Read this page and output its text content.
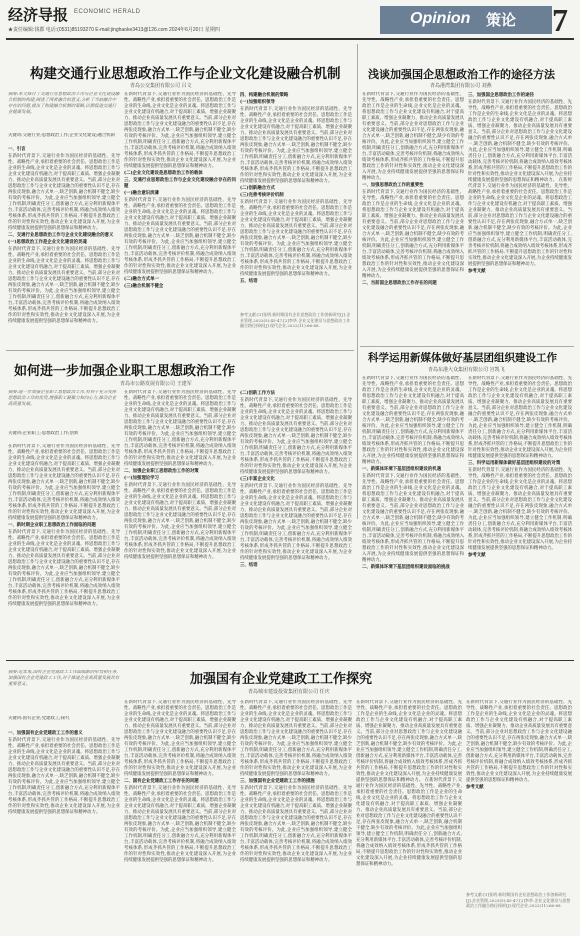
经济导报 ECONOMIC HERALD
★责任编辑:钱郡 电话:(0531)85193270 E-mail:jinghaoke3413@126.com 2024年6月20日 星期四
Opinion 策论 7
构建交通行业思想政治工作与企业文化建设融合机制
青岛公交集团有限公司 吕文
摘要:本文探讨了交通行业思想政治工作与企业文化建设融合机制的构建,阐述了两者融合的意义,分析了当前融合中存在的问题,提出了构建融合机制的策略,以期促进交通行业健康发展。
关键词:交通行业;思想政治工作;企业文化建设;融合机制
一、引言
在新时代背景下,交通行业作为国民经济的基础性、先导性、战略性产业,承担着重要的社会责任。思想政治工作是企业的生命线,企业文化是企业的灵魂。将思想政治工作与企业文化建设有机融合,对于提高职工素质、增强企业凝聚力、推动企业高质量发展具有重要意义。当前,部分企业对思想政治工作与企业文化建设融合的重要性认识不足,存在两张皮现象,融合方式单一,缺乏创新,融合机制不健全,缺少有效的考核评价。为此,企业应当加强组织领导,建立健全工作机制,明确责任分工,创新融合方式,充分利用新媒体平台,丰富活动载体,完善考核评价机制,将融合成效纳入绩效考核体系,形成齐抓共管的工作格局,不断提升思想政治工作的针对性和实效性,推动企业文化建设深入开展,为企业持续健康发展提供坚强的思想保证和精神动力。
二、交通行业思想政治工作与企业文化建设融合的意义
(一)思想政治工作是企业文化建设的灵魂
在新时代背景下,交通行业作为国民经济的基础性、先导性、战略性产业,承担着重要的社会责任。思想政治工作是企业的生命线,企业文化是企业的灵魂。将思想政治工作与企业文化建设有机融合,对于提高职工素质、增强企业凝聚力、推动企业高质量发展具有重要意义。当前,部分企业对思想政治工作与企业文化建设融合的重要性认识不足,存在两张皮现象,融合方式单一,缺乏创新,融合机制不健全,缺少有效的考核评价。为此,企业应当加强组织领导,建立健全工作机制,明确责任分工,创新融合方式,充分利用新媒体平台,丰富活动载体,完善考核评价机制,将融合成效纳入绩效考核体系,形成齐抓共管的工作格局,不断提升思想政治工作的针对性和实效性,推动企业文化建设深入开展,为企业持续健康发展提供坚强的思想保证和精神动力。
在新时代背景下,交通行业作为国民经济的基础性、先导性、战略性产业,承担着重要的社会责任。思想政治工作是企业的生命线,企业文化是企业的灵魂。将思想政治工作与企业文化建设有机融合,对于提高职工素质、增强企业凝聚力、推动企业高质量发展具有重要意义。当前,部分企业对思想政治工作与企业文化建设融合的重要性认识不足,存在两张皮现象,融合方式单一,缺乏创新,融合机制不健全,缺少有效的考核评价。为此,企业应当加强组织领导,建立健全工作机制,明确责任分工,创新融合方式,充分利用新媒体平台,丰富活动载体,完善考核评价机制,将融合成效纳入绩效考核体系,形成齐抓共管的工作格局,不断提升思想政治工作的针对性和实效性,推动企业文化建设深入开展,为企业持续健康发展提供坚强的思想保证和精神动力。
(二)企业文化建设是思想政治工作的载体
三、交通行业思想政治工作与企业文化建设融合存在的问题
(一)融合意识淡薄
在新时代背景下,交通行业作为国民经济的基础性、先导性、战略性产业,承担着重要的社会责任。思想政治工作是企业的生命线,企业文化是企业的灵魂。将思想政治工作与企业文化建设有机融合,对于提高职工素质、增强企业凝聚力、推动企业高质量发展具有重要意义。当前,部分企业对思想政治工作与企业文化建设融合的重要性认识不足,存在两张皮现象,融合方式单一,缺乏创新,融合机制不健全,缺少有效的考核评价。为此,企业应当加强组织领导,建立健全工作机制,明确责任分工,创新融合方式,充分利用新媒体平台,丰富活动载体,完善考核评价机制,将融合成效纳入绩效考核体系,形成齐抓共管的工作格局,不断提升思想政治工作的针对性和实效性,推动企业文化建设深入开展,为企业持续健康发展提供坚强的思想保证和精神动力。
(二)融合方式单一
(三)融合机制不健全
四、构建融合机制的策略
(一)加强组织领导
在新时代背景下,交通行业作为国民经济的基础性、先导性、战略性产业,承担着重要的社会责任。思想政治工作是企业的生命线,企业文化是企业的灵魂。将思想政治工作与企业文化建设有机融合,对于提高职工素质、增强企业凝聚力、推动企业高质量发展具有重要意义。当前,部分企业对思想政治工作与企业文化建设融合的重要性认识不足,存在两张皮现象,融合方式单一,缺乏创新,融合机制不健全,缺少有效的考核评价。为此,企业应当加强组织领导,建立健全工作机制,明确责任分工,创新融合方式,充分利用新媒体平台,丰富活动载体,完善考核评价机制,将融合成效纳入绩效考核体系,形成齐抓共管的工作格局,不断提升思想政治工作的针对性和实效性,推动企业文化建设深入开展,为企业持续健康发展提供坚强的思想保证和精神动力。
(二)创新融合方式
(三)完善考核评价机制
在新时代背景下,交通行业作为国民经济的基础性、先导性、战略性产业,承担着重要的社会责任。思想政治工作是企业的生命线,企业文化是企业的灵魂。将思想政治工作与企业文化建设有机融合,对于提高职工素质、增强企业凝聚力、推动企业高质量发展具有重要意义。当前,部分企业对思想政治工作与企业文化建设融合的重要性认识不足,存在两张皮现象,融合方式单一,缺乏创新,融合机制不健全,缺少有效的考核评价。为此,企业应当加强组织领导,建立健全工作机制,明确责任分工,创新融合方式,充分利用新媒体平台,丰富活动载体,完善考核评价机制,将融合成效纳入绩效考核体系,形成齐抓共管的工作格局,不断提升思想政治工作的针对性和实效性,推动企业文化建设深入开展,为企业持续健康发展提供坚强的思想保证和精神动力。
五、结语
参考文献:[1]张明.新时期国有企业思想政治工作创新研究[J].企业管理,2023(5):45-47.[2]李华.企业文化建设与思想政治工作融合路径探析[J].现代企业,2022(11):66-68.
如何进一步加强企业职工思想政治工作
青岛市公路发展有限公司 王建军
摘要:进一步加强企业职工思想政治工作,有利于充分发挥思想政治工作的优势,增强职工凝聚力和向心力,推动企业高质量发展。
关键词:企业职工;思想政治工作;创新
在新时代背景下,交通行业作为国民经济的基础性、先导性、战略性产业,承担着重要的社会责任。思想政治工作是企业的生命线,企业文化是企业的灵魂。将思想政治工作与企业文化建设有机融合,对于提高职工素质、增强企业凝聚力、推动企业高质量发展具有重要意义。当前,部分企业对思想政治工作与企业文化建设融合的重要性认识不足,存在两张皮现象,融合方式单一,缺乏创新,融合机制不健全,缺少有效的考核评价。为此,企业应当加强组织领导,建立健全工作机制,明确责任分工,创新融合方式,充分利用新媒体平台,丰富活动载体,完善考核评价机制,将融合成效纳入绩效考核体系,形成齐抓共管的工作格局,不断提升思想政治工作的针对性和实效性,推动企业文化建设深入开展,为企业持续健康发展提供坚强的思想保证和精神动力。
一、新时期企业职工思想政治工作面临的问题
在新时代背景下,交通行业作为国民经济的基础性、先导性、战略性产业,承担着重要的社会责任。思想政治工作是企业的生命线,企业文化是企业的灵魂。将思想政治工作与企业文化建设有机融合,对于提高职工素质、增强企业凝聚力、推动企业高质量发展具有重要意义。当前,部分企业对思想政治工作与企业文化建设融合的重要性认识不足,存在两张皮现象,融合方式单一,缺乏创新,融合机制不健全,缺少有效的考核评价。为此,企业应当加强组织领导,建立健全工作机制,明确责任分工,创新融合方式,充分利用新媒体平台,丰富活动载体,完善考核评价机制,将融合成效纳入绩效考核体系,形成齐抓共管的工作格局,不断提升思想政治工作的针对性和实效性,推动企业文化建设深入开展,为企业持续健康发展提供坚强的思想保证和精神动力。
在新时代背景下,交通行业作为国民经济的基础性、先导性、战略性产业,承担着重要的社会责任。思想政治工作是企业的生命线,企业文化是企业的灵魂。将思想政治工作与企业文化建设有机融合,对于提高职工素质、增强企业凝聚力、推动企业高质量发展具有重要意义。当前,部分企业对思想政治工作与企业文化建设融合的重要性认识不足,存在两张皮现象,融合方式单一,缺乏创新,融合机制不健全,缺少有效的考核评价。为此,企业应当加强组织领导,建立健全工作机制,明确责任分工,创新融合方式,充分利用新媒体平台,丰富活动载体,完善考核评价机制,将融合成效纳入绩效考核体系,形成齐抓共管的工作格局,不断提升思想政治工作的针对性和实效性,推动企业文化建设深入开展,为企业持续健康发展提供坚强的思想保证和精神动力。
二、加强企业职工思想政治工作的对策
(一)加强理论学习
在新时代背景下,交通行业作为国民经济的基础性、先导性、战略性产业,承担着重要的社会责任。思想政治工作是企业的生命线,企业文化是企业的灵魂。将思想政治工作与企业文化建设有机融合,对于提高职工素质、增强企业凝聚力、推动企业高质量发展具有重要意义。当前,部分企业对思想政治工作与企业文化建设融合的重要性认识不足,存在两张皮现象,融合方式单一,缺乏创新,融合机制不健全,缺少有效的考核评价。为此,企业应当加强组织领导,建立健全工作机制,明确责任分工,创新融合方式,充分利用新媒体平台,丰富活动载体,完善考核评价机制,将融合成效纳入绩效考核体系,形成齐抓共管的工作格局,不断提升思想政治工作的针对性和实效性,推动企业文化建设深入开展,为企业持续健康发展提供坚强的思想保证和精神动力。
(二)创新工作方法
在新时代背景下,交通行业作为国民经济的基础性、先导性、战略性产业,承担着重要的社会责任。思想政治工作是企业的生命线,企业文化是企业的灵魂。将思想政治工作与企业文化建设有机融合,对于提高职工素质、增强企业凝聚力、推动企业高质量发展具有重要意义。当前,部分企业对思想政治工作与企业文化建设融合的重要性认识不足,存在两张皮现象,融合方式单一,缺乏创新,融合机制不健全,缺少有效的考核评价。为此,企业应当加强组织领导,建立健全工作机制,明确责任分工,创新融合方式,充分利用新媒体平台,丰富活动载体,完善考核评价机制,将融合成效纳入绩效考核体系,形成齐抓共管的工作格局,不断提升思想政治工作的针对性和实效性,推动企业文化建设深入开展,为企业持续健康发展提供坚强的思想保证和精神动力。
(三)丰富企业文化
在新时代背景下,交通行业作为国民经济的基础性、先导性、战略性产业,承担着重要的社会责任。思想政治工作是企业的生命线,企业文化是企业的灵魂。将思想政治工作与企业文化建设有机融合,对于提高职工素质、增强企业凝聚力、推动企业高质量发展具有重要意义。当前,部分企业对思想政治工作与企业文化建设融合的重要性认识不足,存在两张皮现象,融合方式单一,缺乏创新,融合机制不健全,缺少有效的考核评价。为此,企业应当加强组织领导,建立健全工作机制,明确责任分工,创新融合方式,充分利用新媒体平台,丰富活动载体,完善考核评价机制,将融合成效纳入绩效考核体系,形成齐抓共管的工作格局,不断提升思想政治工作的针对性和实效性,推动企业文化建设深入开展,为企业持续健康发展提供坚强的思想保证和精神动力。
三、结语
浅谈加强国企思想政治工作的途径方法
青岛港湾集团有限公司 刘燕
在新时代背景下,交通行业作为国民经济的基础性、先导性、战略性产业,承担着重要的社会责任。思想政治工作是企业的生命线,企业文化是企业的灵魂。将思想政治工作与企业文化建设有机融合,对于提高职工素质、增强企业凝聚力、推动企业高质量发展具有重要意义。当前,部分企业对思想政治工作与企业文化建设融合的重要性认识不足,存在两张皮现象,融合方式单一,缺乏创新,融合机制不健全,缺少有效的考核评价。为此,企业应当加强组织领导,建立健全工作机制,明确责任分工,创新融合方式,充分利用新媒体平台,丰富活动载体,完善考核评价机制,将融合成效纳入绩效考核体系,形成齐抓共管的工作格局,不断提升思想政治工作的针对性和实效性,推动企业文化建设深入开展,为企业持续健康发展提供坚强的思想保证和精神动力。
一、加强思想政治工作的重要性
在新时代背景下,交通行业作为国民经济的基础性、先导性、战略性产业,承担着重要的社会责任。思想政治工作是企业的生命线,企业文化是企业的灵魂。将思想政治工作与企业文化建设有机融合,对于提高职工素质、增强企业凝聚力、推动企业高质量发展具有重要意义。当前,部分企业对思想政治工作与企业文化建设融合的重要性认识不足,存在两张皮现象,融合方式单一,缺乏创新,融合机制不健全,缺少有效的考核评价。为此,企业应当加强组织领导,建立健全工作机制,明确责任分工,创新融合方式,充分利用新媒体平台,丰富活动载体,完善考核评价机制,将融合成效纳入绩效考核体系,形成齐抓共管的工作格局,不断提升思想政治工作的针对性和实效性,推动企业文化建设深入开展,为企业持续健康发展提供坚强的思想保证和精神动力。
二、当前国企思想政治工作存在的问题
三、加强国企思想政治工作的途径
在新时代背景下,交通行业作为国民经济的基础性、先导性、战略性产业,承担着重要的社会责任。思想政治工作是企业的生命线,企业文化是企业的灵魂。将思想政治工作与企业文化建设有机融合,对于提高职工素质、增强企业凝聚力、推动企业高质量发展具有重要意义。当前,部分企业对思想政治工作与企业文化建设融合的重要性认识不足,存在两张皮现象,融合方式单一,缺乏创新,融合机制不健全,缺少有效的考核评价。为此,企业应当加强组织领导,建立健全工作机制,明确责任分工,创新融合方式,充分利用新媒体平台,丰富活动载体,完善考核评价机制,将融合成效纳入绩效考核体系,形成齐抓共管的工作格局,不断提升思想政治工作的针对性和实效性,推动企业文化建设深入开展,为企业持续健康发展提供坚强的思想保证和精神动力。 在新时代背景下,交通行业作为国民经济的基础性、先导性、战略性产业,承担着重要的社会责任。思想政治工作是企业的生命线,企业文化是企业的灵魂。将思想政治工作与企业文化建设有机融合,对于提高职工素质、增强企业凝聚力、推动企业高质量发展具有重要意义。当前,部分企业对思想政治工作与企业文化建设融合的重要性认识不足,存在两张皮现象,融合方式单一,缺乏创新,融合机制不健全,缺少有效的考核评价。为此,企业应当加强组织领导,建立健全工作机制,明确责任分工,创新融合方式,充分利用新媒体平台,丰富活动载体,完善考核评价机制,将融合成效纳入绩效考核体系,形成齐抓共管的工作格局,不断提升思想政治工作的针对性和实效性,推动企业文化建设深入开展,为企业持续健康发展提供坚强的思想保证和精神动力。
参考文献
科学运用新媒体做好基层团组织建设工作
青岛东港大众集团有限公司 宫凯飞
在新时代背景下,交通行业作为国民经济的基础性、先导性、战略性产业,承担着重要的社会责任。思想政治工作是企业的生命线,企业文化是企业的灵魂。将思想政治工作与企业文化建设有机融合,对于提高职工素质、增强企业凝聚力、推动企业高质量发展具有重要意义。当前,部分企业对思想政治工作与企业文化建设融合的重要性认识不足,存在两张皮现象,融合方式单一,缺乏创新,融合机制不健全,缺少有效的考核评价。为此,企业应当加强组织领导,建立健全工作机制,明确责任分工,创新融合方式,充分利用新媒体平台,丰富活动载体,完善考核评价机制,将融合成效纳入绩效考核体系,形成齐抓共管的工作格局,不断提升思想政治工作的针对性和实效性,推动企业文化建设深入开展,为企业持续健康发展提供坚强的思想保证和精神动力。
一、新媒体环境下基层团组织建设的机遇
在新时代背景下,交通行业作为国民经济的基础性、先导性、战略性产业,承担着重要的社会责任。思想政治工作是企业的生命线,企业文化是企业的灵魂。将思想政治工作与企业文化建设有机融合,对于提高职工素质、增强企业凝聚力、推动企业高质量发展具有重要意义。当前,部分企业对思想政治工作与企业文化建设融合的重要性认识不足,存在两张皮现象,融合方式单一,缺乏创新,融合机制不健全,缺少有效的考核评价。为此,企业应当加强组织领导,建立健全工作机制,明确责任分工,创新融合方式,充分利用新媒体平台,丰富活动载体,完善考核评价机制,将融合成效纳入绩效考核体系,形成齐抓共管的工作格局,不断提升思想政治工作的针对性和实效性,推动企业文化建设深入开展,为企业持续健康发展提供坚强的思想保证和精神动力。
二、新媒体环境下基层团组织建设面临的挑战
在新时代背景下,交通行业作为国民经济的基础性、先导性、战略性产业,承担着重要的社会责任。思想政治工作是企业的生命线,企业文化是企业的灵魂。将思想政治工作与企业文化建设有机融合,对于提高职工素质、增强企业凝聚力、推动企业高质量发展具有重要意义。当前,部分企业对思想政治工作与企业文化建设融合的重要性认识不足,存在两张皮现象,融合方式单一,缺乏创新,融合机制不健全,缺少有效的考核评价。为此,企业应当加强组织领导,建立健全工作机制,明确责任分工,创新融合方式,充分利用新媒体平台,丰富活动载体,完善考核评价机制,将融合成效纳入绩效考核体系,形成齐抓共管的工作格局,不断提升思想政治工作的针对性和实效性,推动企业文化建设深入开展,为企业持续健康发展提供坚强的思想保证和精神动力。
三、科学运用新媒体做好基层团组织建设的对策
在新时代背景下,交通行业作为国民经济的基础性、先导性、战略性产业,承担着重要的社会责任。思想政治工作是企业的生命线,企业文化是企业的灵魂。将思想政治工作与企业文化建设有机融合,对于提高职工素质、增强企业凝聚力、推动企业高质量发展具有重要意义。当前,部分企业对思想政治工作与企业文化建设融合的重要性认识不足,存在两张皮现象,融合方式单一,缺乏创新,融合机制不健全,缺少有效的考核评价。为此,企业应当加强组织领导,建立健全工作机制,明确责任分工,创新融合方式,充分利用新媒体平台,丰富活动载体,完善考核评价机制,将融合成效纳入绩效考核体系,形成齐抓共管的工作格局,不断提升思想政治工作的针对性和实效性,推动企业文化建设深入开展,为企业持续健康发展提供坚强的思想保证和精神动力。
参考文献
加强国有企业党建政工工作探究
青岛城市建设投资集团有限公司 任庆
摘要:近年来,国有企业党建政工工作面临新的形势和任务,加强国有企业党建政工工作,对于推进企业高质量发展具有重要意义。
关键词:国有企业;党建政工;探究
一、加强国有企业党建政工工作的意义
在新时代背景下,交通行业作为国民经济的基础性、先导性、战略性产业,承担着重要的社会责任。思想政治工作是企业的生命线,企业文化是企业的灵魂。将思想政治工作与企业文化建设有机融合,对于提高职工素质、增强企业凝聚力、推动企业高质量发展具有重要意义。当前,部分企业对思想政治工作与企业文化建设融合的重要性认识不足,存在两张皮现象,融合方式单一,缺乏创新,融合机制不健全,缺少有效的考核评价。为此,企业应当加强组织领导,建立健全工作机制,明确责任分工,创新融合方式,充分利用新媒体平台,丰富活动载体,完善考核评价机制,将融合成效纳入绩效考核体系,形成齐抓共管的工作格局,不断提升思想政治工作的针对性和实效性,推动企业文化建设深入开展,为企业持续健康发展提供坚强的思想保证和精神动力。
在新时代背景下,交通行业作为国民经济的基础性、先导性、战略性产业,承担着重要的社会责任。思想政治工作是企业的生命线,企业文化是企业的灵魂。将思想政治工作与企业文化建设有机融合,对于提高职工素质、增强企业凝聚力、推动企业高质量发展具有重要意义。当前,部分企业对思想政治工作与企业文化建设融合的重要性认识不足,存在两张皮现象,融合方式单一,缺乏创新,融合机制不健全,缺少有效的考核评价。为此,企业应当加强组织领导,建立健全工作机制,明确责任分工,创新融合方式,充分利用新媒体平台,丰富活动载体,完善考核评价机制,将融合成效纳入绩效考核体系,形成齐抓共管的工作格局,不断提升思想政治工作的针对性和实效性,推动企业文化建设深入开展,为企业持续健康发展提供坚强的思想保证和精神动力。
二、国有企业党建政工工作存在的问题
在新时代背景下,交通行业作为国民经济的基础性、先导性、战略性产业,承担着重要的社会责任。思想政治工作是企业的生命线,企业文化是企业的灵魂。将思想政治工作与企业文化建设有机融合,对于提高职工素质、增强企业凝聚力、推动企业高质量发展具有重要意义。当前,部分企业对思想政治工作与企业文化建设融合的重要性认识不足,存在两张皮现象,融合方式单一,缺乏创新,融合机制不健全,缺少有效的考核评价。为此,企业应当加强组织领导,建立健全工作机制,明确责任分工,创新融合方式,充分利用新媒体平台,丰富活动载体,完善考核评价机制,将融合成效纳入绩效考核体系,形成齐抓共管的工作格局,不断提升思想政治工作的针对性和实效性,推动企业文化建设深入开展,为企业持续健康发展提供坚强的思想保证和精神动力。
在新时代背景下,交通行业作为国民经济的基础性、先导性、战略性产业,承担着重要的社会责任。思想政治工作是企业的生命线,企业文化是企业的灵魂。将思想政治工作与企业文化建设有机融合,对于提高职工素质、增强企业凝聚力、推动企业高质量发展具有重要意义。当前,部分企业对思想政治工作与企业文化建设融合的重要性认识不足,存在两张皮现象,融合方式单一,缺乏创新,融合机制不健全,缺少有效的考核评价。为此,企业应当加强组织领导,建立健全工作机制,明确责任分工,创新融合方式,充分利用新媒体平台,丰富活动载体,完善考核评价机制,将融合成效纳入绩效考核体系,形成齐抓共管的工作格局,不断提升思想政治工作的针对性和实效性,推动企业文化建设深入开展,为企业持续健康发展提供坚强的思想保证和精神动力。
三、加强国有企业党建政工工作的措施
在新时代背景下,交通行业作为国民经济的基础性、先导性、战略性产业,承担着重要的社会责任。思想政治工作是企业的生命线,企业文化是企业的灵魂。将思想政治工作与企业文化建设有机融合,对于提高职工素质、增强企业凝聚力、推动企业高质量发展具有重要意义。当前,部分企业对思想政治工作与企业文化建设融合的重要性认识不足,存在两张皮现象,融合方式单一,缺乏创新,融合机制不健全,缺少有效的考核评价。为此,企业应当加强组织领导,建立健全工作机制,明确责任分工,创新融合方式,充分利用新媒体平台,丰富活动载体,完善考核评价机制,将融合成效纳入绩效考核体系,形成齐抓共管的工作格局,不断提升思想政治工作的针对性和实效性,推动企业文化建设深入开展,为企业持续健康发展提供坚强的思想保证和精神动力。
在新时代背景下,交通行业作为国民经济的基础性、先导性、战略性产业,承担着重要的社会责任。思想政治工作是企业的生命线,企业文化是企业的灵魂。将思想政治工作与企业文化建设有机融合,对于提高职工素质、增强企业凝聚力、推动企业高质量发展具有重要意义。当前,部分企业对思想政治工作与企业文化建设融合的重要性认识不足,存在两张皮现象,融合方式单一,缺乏创新,融合机制不健全,缺少有效的考核评价。为此,企业应当加强组织领导,建立健全工作机制,明确责任分工,创新融合方式,充分利用新媒体平台,丰富活动载体,完善考核评价机制,将融合成效纳入绩效考核体系,形成齐抓共管的工作格局,不断提升思想政治工作的针对性和实效性,推动企业文化建设深入开展,为企业持续健康发展提供坚强的思想保证和精神动力。 在新时代背景下,交通行业作为国民经济的基础性、先导性、战略性产业,承担着重要的社会责任。思想政治工作是企业的生命线,企业文化是企业的灵魂。将思想政治工作与企业文化建设有机融合,对于提高职工素质、增强企业凝聚力、推动企业高质量发展具有重要意义。当前,部分企业对思想政治工作与企业文化建设融合的重要性认识不足,存在两张皮现象,融合方式单一,缺乏创新,融合机制不健全,缺少有效的考核评价。为此,企业应当加强组织领导,建立健全工作机制,明确责任分工,创新融合方式,充分利用新媒体平台,丰富活动载体,完善考核评价机制,将融合成效纳入绩效考核体系,形成齐抓共管的工作格局,不断提升思想政治工作的针对性和实效性,推动企业文化建设深入开展,为企业持续健康发展提供坚强的思想保证和精神动力。
在新时代背景下,交通行业作为国民经济的基础性、先导性、战略性产业,承担着重要的社会责任。思想政治工作是企业的生命线,企业文化是企业的灵魂。将思想政治工作与企业文化建设有机融合,对于提高职工素质、增强企业凝聚力、推动企业高质量发展具有重要意义。当前,部分企业对思想政治工作与企业文化建设融合的重要性认识不足,存在两张皮现象,融合方式单一,缺乏创新,融合机制不健全,缺少有效的考核评价。为此,企业应当加强组织领导,建立健全工作机制,明确责任分工,创新融合方式,充分利用新媒体平台,丰富活动载体,完善考核评价机制,将融合成效纳入绩效考核体系,形成齐抓共管的工作格局,不断提升思想政治工作的针对性和实效性,推动企业文化建设深入开展,为企业持续健康发展提供坚强的思想保证和精神动力。
参考文献
参考文献:[1]张明.新时期国有企业思想政治工作创新研究[J].企业管理,2023(5):45-47.[2]李华.企业文化建设与思想政治工作融合路径探析[J].现代企业,2022(11):66-68.
